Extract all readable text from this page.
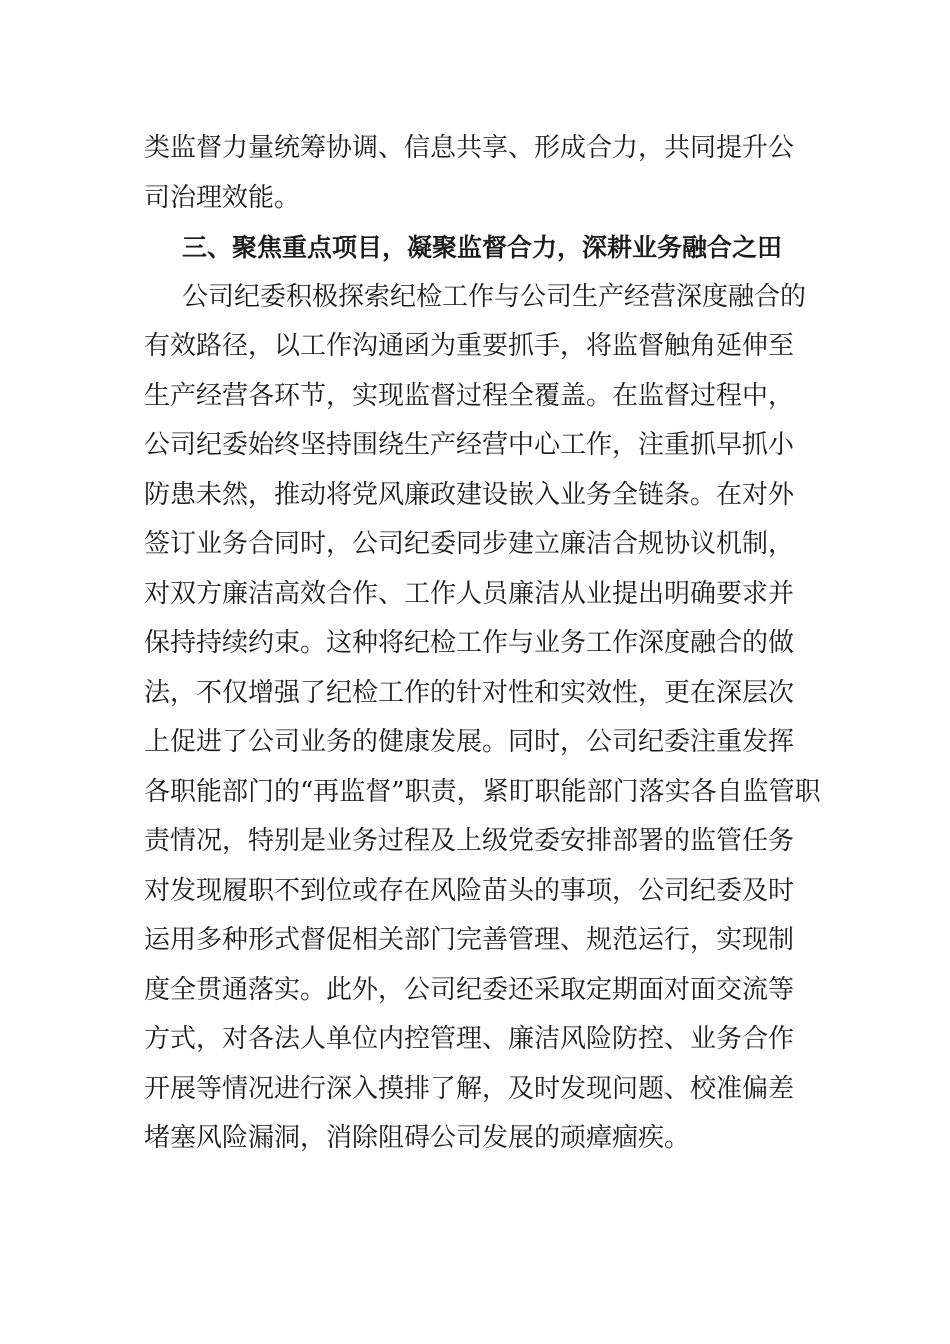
类监督力量统筹协调、信息共享、形成合力，共同提升公
司治理效能。
三、聚焦重点项目，凝聚监督合力，深耕业务融合之田
公司纪委积极探索纪检工作与公司生产经营深度融合的
有效路径，以工作沟通函为重要抓手，将监督触角延伸至
生产经营各环节，实现监督过程全覆盖。在监督过程中，
公司纪委始终坚持围绕生产经营中心工作，注重抓早抓小
防患未然，推动将党风廉政建设嵌入业务全链条。在对外
签订业务合同时，公司纪委同步建立廉洁合规协议机制，
对双方廉洁高效合作、工作人员廉洁从业提出明确要求并
保持持续约束。这种将纪检工作与业务工作深度融合的做
法，不仅增强了纪检工作的针对性和实效性，更在深层次
上促进了公司业务的健康发展。同时，公司纪委注重发挥
各职能部门的“再监督”职责，紧盯职能部门落实各自监管职
责情况，特别是业务过程及上级党委安排部署的监管任务
对发现履职不到位或存在风险苗头的事项，公司纪委及时
运用多种形式督促相关部门完善管理、规范运行，实现制
度全贯通落实。此外，公司纪委还采取定期面对面交流等
方式，对各法人单位内控管理、廉洁风险防控、业务合作
开展等情况进行深入摸排了解，及时发现问题、校准偏差
堵塞风险漏洞，消除阻碍公司发展的顽瘴痼疾。
